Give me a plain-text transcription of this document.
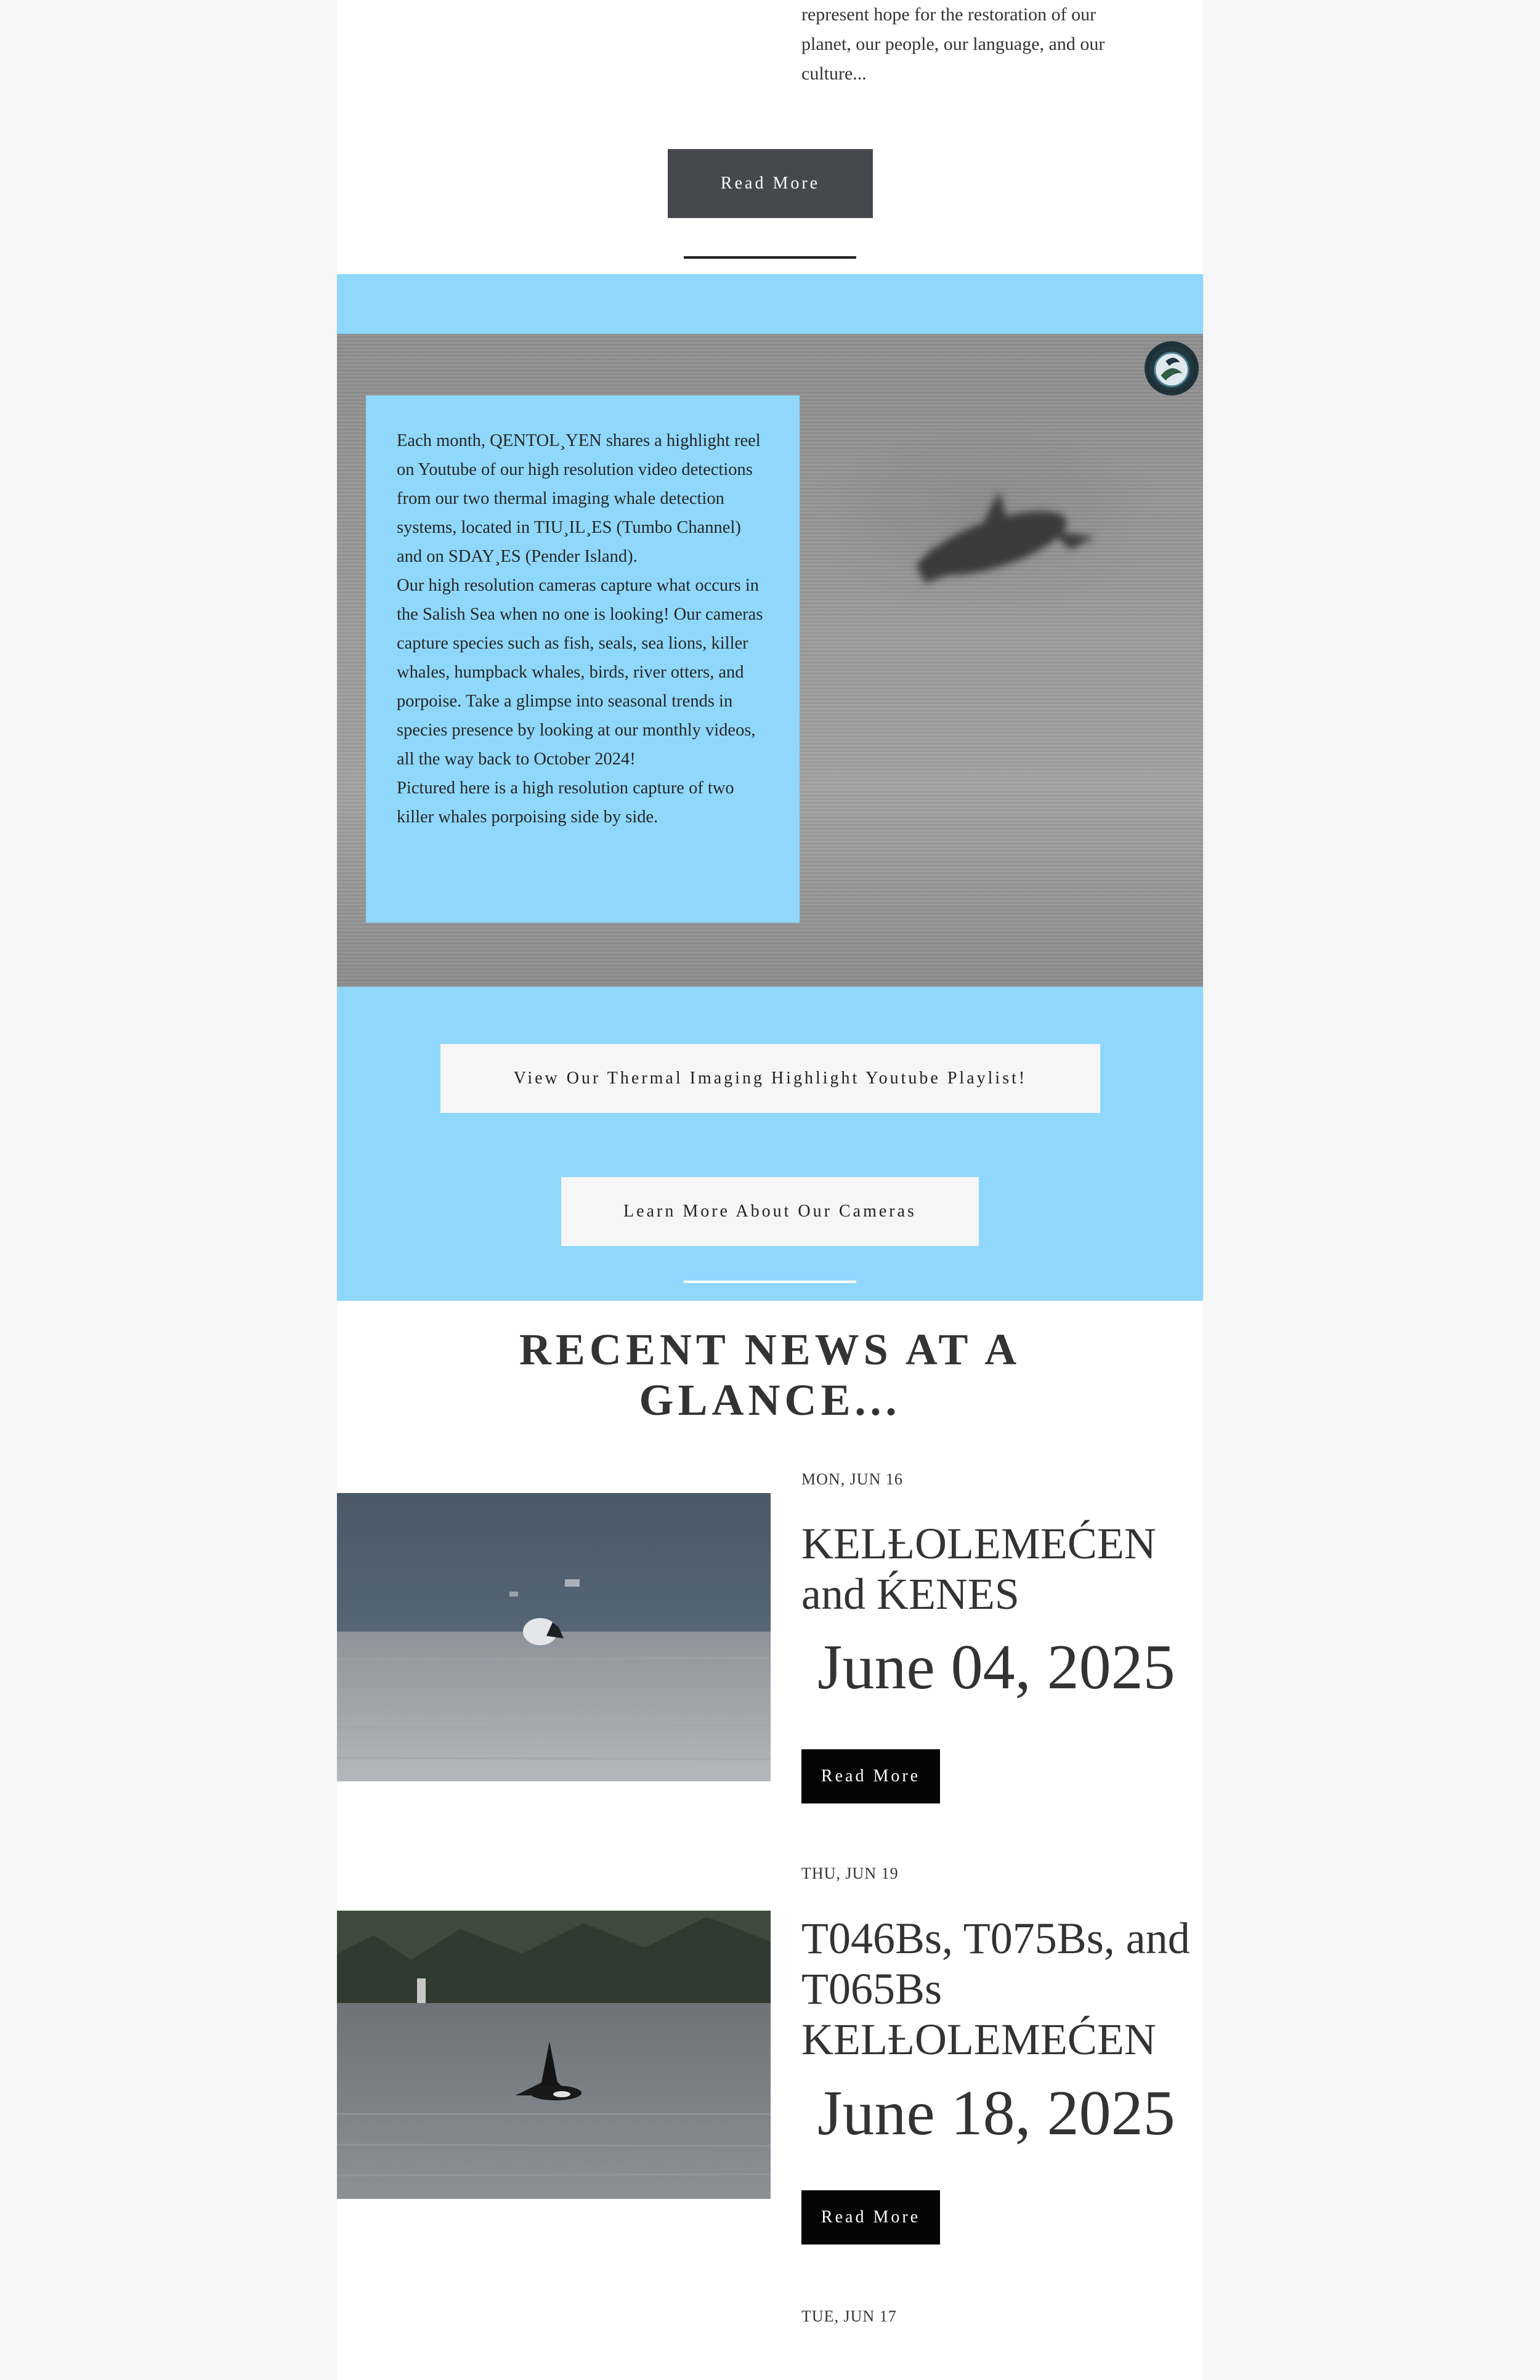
represent hope for the restoration of our
planet, our people, our language, and our
culture...
Read More

Each month, QENTOL¸YEN shares a highlight reel on Youtube of our high resolution video detections from our two thermal imaging whale detection systems, located in TIU¸IL¸ES (Tumbo Channel) and on SDAY¸ES (Pender Island).

Our high resolution cameras capture what occurs in the Salish Sea when no one is looking! Our cameras capture species such as fish, seals, sea lions, killer whales, humpback whales, birds, river otters, and porpoise. Take a glimpse into seasonal trends in species presence by looking at our monthly videos, all the way back to October 2024!

Pictured here is a high resolution capture of two killer whales porpoising side by side.

View Our Thermal Imaging Highlight Youtube Playlist!
Learn More About Our Cameras
RECENT NEWS AT A GLANCE...
MON, JUN 16
KELȽOLEMEĆEN and ḰENES
June 04, 2025
Read More
THU, JUN 19
T046Bs, T075Bs, and T065Bs KELȽOLEMEĆEN
June 18, 2025
Read More
TUE, JUN 17
